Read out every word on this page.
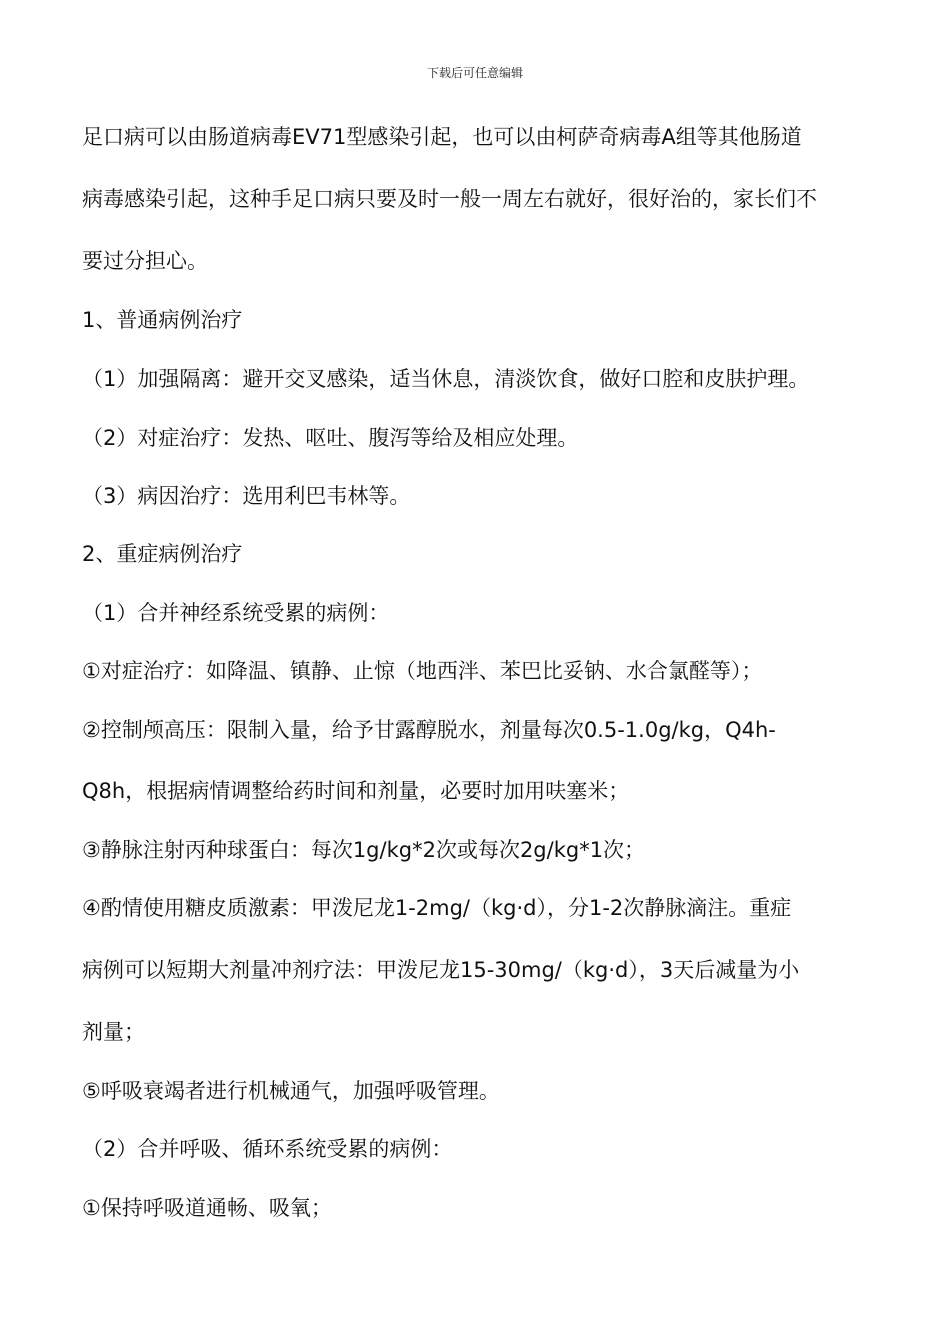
下载后可任意编辑
足口病可以由肠道病毒EV71型感染引起，也可以由柯萨奇病毒A组等其他肠道
病毒感染引起，这种手足口病只要及时一般一周左右就好，很好治的，家长们不
要过分担心。
1、普通病例治疗
（1）加强隔离：避开交叉感染，适当休息，清淡饮食，做好口腔和皮肤护理。
（2）对症治疗：发热、呕吐、腹泻等给及相应处理。
（3）病因治疗：选用利巴韦林等。
2、重症病例治疗
（1）合并神经系统受累的病例：
①对症治疗：如降温、镇静、止惊（地西泮、苯巴比妥钠、水合氯醛等）；
②控制颅高压：限制入量，给予甘露醇脱水，剂量每次0.5-1.0g/kg，Q4h-
Q8h，根据病情调整给药时间和剂量，必要时加用呋塞米；
③静脉注射丙种球蛋白：每次1g/kg*2次或每次2g/kg*1次；
④酌情使用糖皮质激素：甲泼尼龙1-2mg/（kg·d），分1-2次静脉滴注。重症
病例可以短期大剂量冲剂疗法：甲泼尼龙15-30mg/（kg·d），3天后减量为小
剂量；
⑤呼吸衰竭者进行机械通气，加强呼吸管理。
（2）合并呼吸、循环系统受累的病例：
①保持呼吸道通畅、吸氧；
